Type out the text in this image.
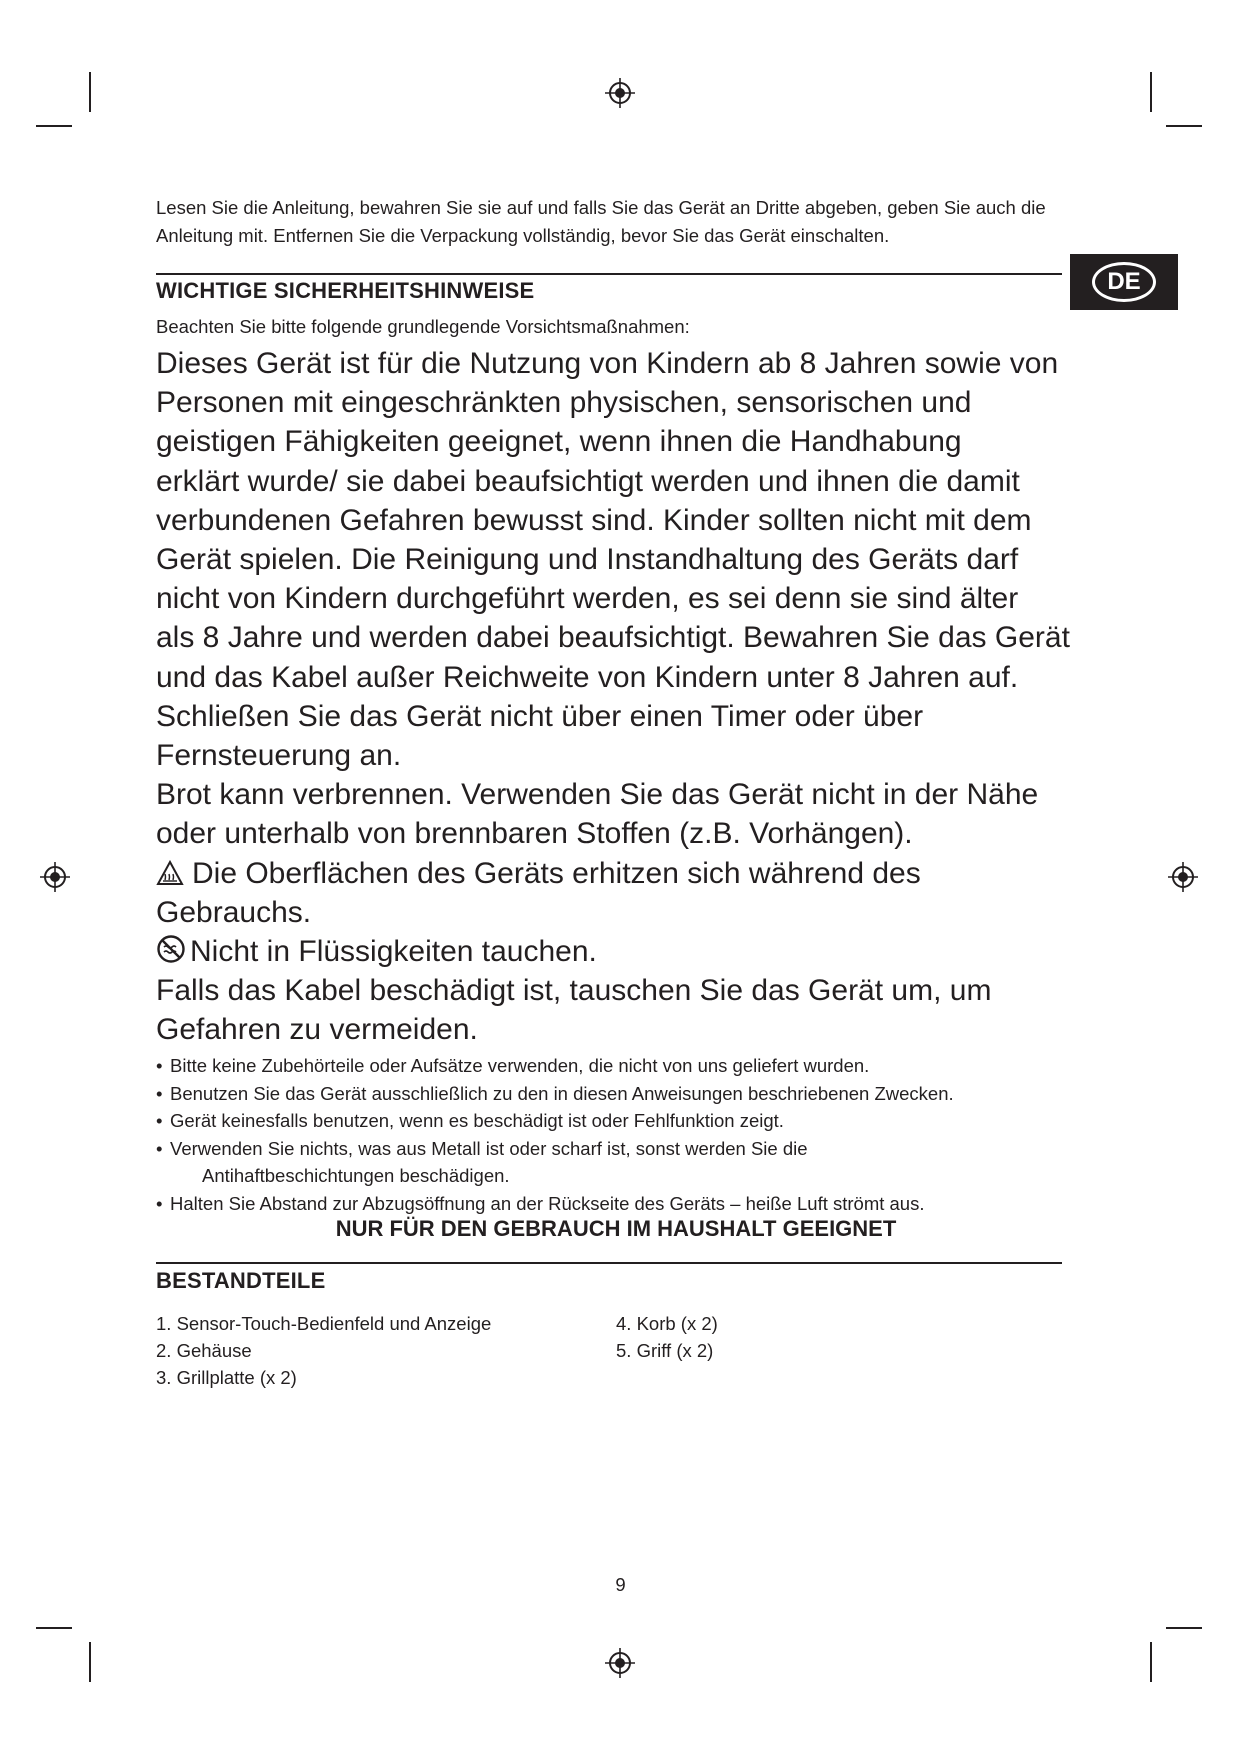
Lesen Sie die Anleitung, bewahren Sie sie auf und falls Sie das Gerät an Dritte abgeben, geben Sie auch die
Anleitung mit. Entfernen Sie die Verpackung vollständig, bevor Sie das Gerät einschalten.
WICHTIGE SICHERHEITSHINWEISE	DE
Beachten Sie bitte folgende grundlegende Vorsichtsmaßnahmen:

Dieses Gerät ist für die Nutzung von Kindern ab 8 Jahren sowie von

Personen mit eingeschränkten physischen, sensorischen und

geistigen Fähigkeiten geeignet, wenn ihnen die Handhabung

erklärt wurde/ sie dabei beaufsichtigt werden und ihnen die damit

verbundenen Gefahren bewusst sind. Kinder sollten nicht mit dem

Gerät spielen. Die Reinigung und Instandhaltung des Geräts darf

nicht von Kindern durchgeführt werden, es sei denn sie sind älter

als 8 Jahre und werden dabei beaufsichtigt. Bewahren Sie das Gerät

und das Kabel außer Reichweite von Kindern unter 8 Jahren auf.

Schließen Sie das Gerät nicht über einen Timer oder über

Fernsteuerung an.

Brot kann verbrennen. Verwenden Sie das Gerät nicht in der Nähe

oder unterhalb von brennbaren Stoffen (z.B. Vorhängen).

Die Oberflächen des Geräts erhitzen sich während des

Gebrauchs.

Nicht in Flüssigkeiten tauchen.

Falls das Kabel beschädigt ist, tauschen Sie das Gerät um, um

Gefahren zu vermeiden.

• Bitte keine Zubehörteile oder Aufsätze verwenden, die nicht von uns geliefert wurden.
• Benutzen Sie das Gerät ausschließlich zu den in diesen Anweisungen beschriebenen Zwecken.
• Gerät keinesfalls benutzen, wenn es beschädigt ist oder Fehlfunktion zeigt.
• Verwenden Sie nichts, was aus Metall ist oder scharf ist, sonst werden Sie die
Antihaftbeschichtungen beschädigen.
• Halten Sie Abstand zur Abzugsöffnung an der Rückseite des Geräts – heiße Luft strömt aus.
NUR FÜR DEN GEBRAUCH IM HAUSHALT GEEIGNET
BESTANDTEILE
1. Sensor-Touch-Bedienfeld und Anzeige
2. Gehäuse
3. Grillplatte (x 2)
4. Korb (x 2)
5. Griff (x 2)
9
